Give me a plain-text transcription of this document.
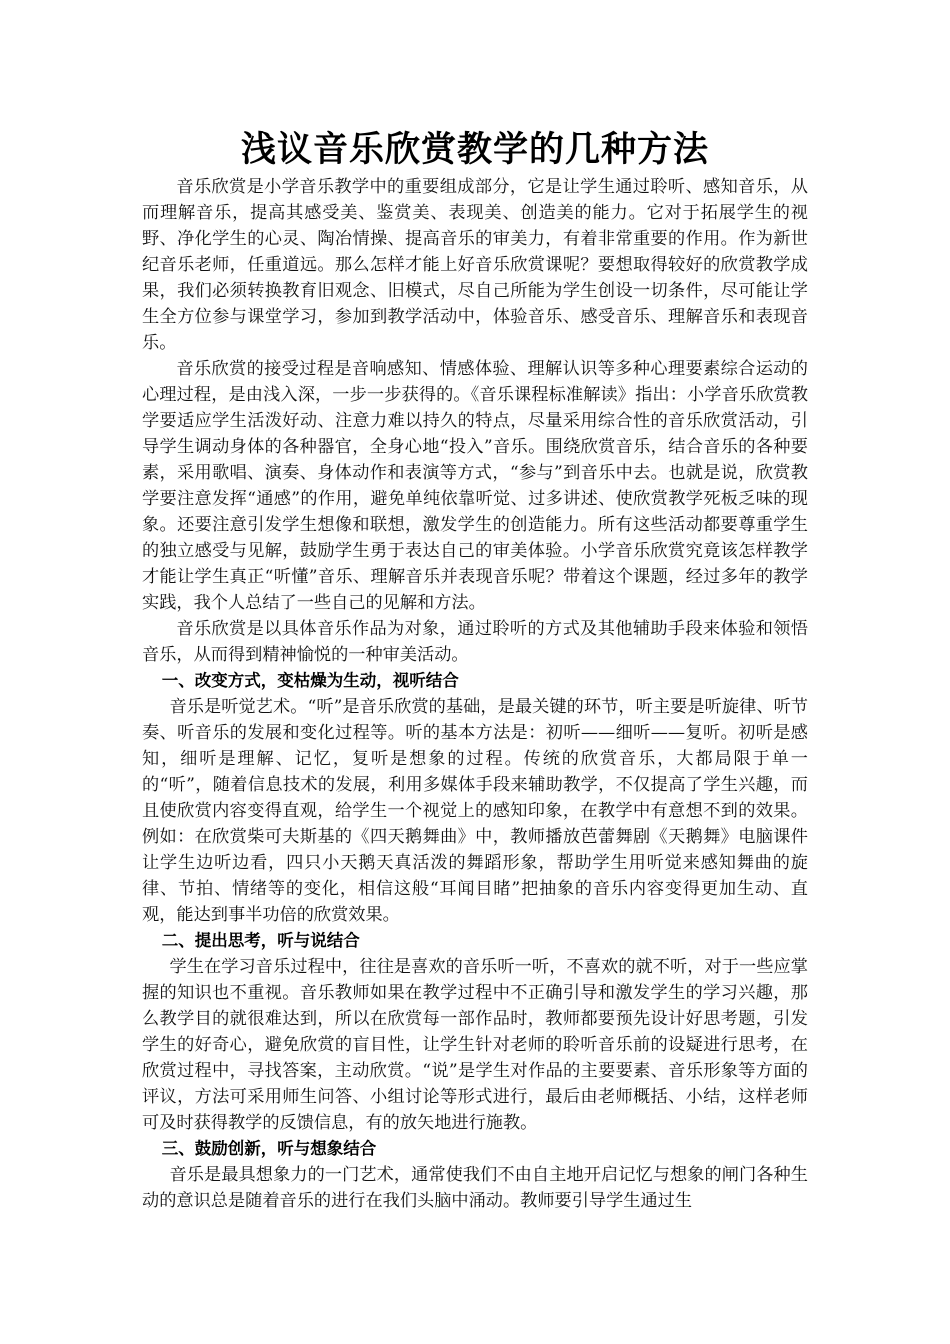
浅议音乐欣赏教学的几种方法

音乐欣赏是小学音乐教学中的重要组成部分，它是让学生通过聆听、感知音乐，从而理解音乐，提高其感受美、鉴赏美、表现美、创造美的能力。它对于拓展学生的视野、净化学生的心灵、陶冶情操、提高音乐的审美力，有着非常重要的作用。作为新世纪音乐老师，任重道远。那么怎样才能上好音乐欣赏课呢？要想取得较好的欣赏教学成果，我们必须转换教育旧观念、旧模式，尽自己所能为学生创设一切条件，尽可能让学生全方位参与课堂学习，参加到教学活动中，体验音乐、感受音乐、理解音乐和表现音乐。

音乐欣赏的接受过程是音响感知、情感体验、理解认识等多种心理要素综合运动的心理过程，是由浅入深，一步一步获得的。《音乐课程标准解读》指出：小学音乐欣赏教学要适应学生活泼好动、注意力难以持久的特点，尽量采用综合性的音乐欣赏活动，引导学生调动身体的各种器官，全身心地“投入”音乐。围绕欣赏音乐，结合音乐的各种要素，采用歌唱、演奏、身体动作和表演等方式，“参与”到音乐中去。也就是说，欣赏教学要注意发挥“通感”的作用，避免单纯依靠听觉、过多讲述、使欣赏教学死板乏味的现象。还要注意引发学生想像和联想，激发学生的创造能力。所有这些活动都要尊重学生的独立感受与见解，鼓励学生勇于表达自己的审美体验。小学音乐欣赏究竟该怎样教学才能让学生真正“听懂”音乐、理解音乐并表现音乐呢？带着这个课题，经过多年的教学实践，我个人总结了一些自己的见解和方法。

音乐欣赏是以具体音乐作品为对象，通过聆听的方式及其他辅助手段来体验和领悟音乐，从而得到精神愉悦的一种审美活动。

一、改变方式，变枯燥为生动，视听结合

音乐是听觉艺术。“听”是音乐欣赏的基础，是最关键的环节，听主要是听旋律、听节奏、听音乐的发展和变化过程等。听的基本方法是：初听——细听——复听。初听是感知，细听是理解、记忆，复听是想象的过程。传统的欣赏音乐，大都局限于单一的“听”，随着信息技术的发展，利用多媒体手段来辅助教学，不仅提高了学生兴趣，而且使欣赏内容变得直观，给学生一个视觉上的感知印象，在教学中有意想不到的效果。例如：在欣赏柴可夫斯基的《四天鹅舞曲》中，教师播放芭蕾舞剧《天鹅舞》电脑课件让学生边听边看，四只小天鹅天真活泼的舞蹈形象，帮助学生用听觉来感知舞曲的旋律、节拍、情绪等的变化，相信这般“耳闻目睹”把抽象的音乐内容变得更加生动、直观，能达到事半功倍的欣赏效果。

二、提出思考，听与说结合

学生在学习音乐过程中，往往是喜欢的音乐听一听，不喜欢的就不听，对于一些应掌握的知识也不重视。音乐教师如果在教学过程中不正确引导和激发学生的学习兴趣，那么教学目的就很难达到，所以在欣赏每一部作品时，教师都要预先设计好思考题，引发学生的好奇心，避免欣赏的盲目性，让学生针对老师的聆听音乐前的设疑进行思考，在欣赏过程中，寻找答案，主动欣赏。“说”是学生对作品的主要要素、音乐形象等方面的评议，方法可采用师生问答、小组讨论等形式进行，最后由老师概括、小结，这样老师可及时获得教学的反馈信息，有的放矢地进行施教。

三、鼓励创新，听与想象结合

音乐是最具想象力的一门艺术，通常使我们不由自主地开启记忆与想象的闸门各种生动的意识总是随着音乐的进行在我们头脑中涌动。教师要引导学生通过生
